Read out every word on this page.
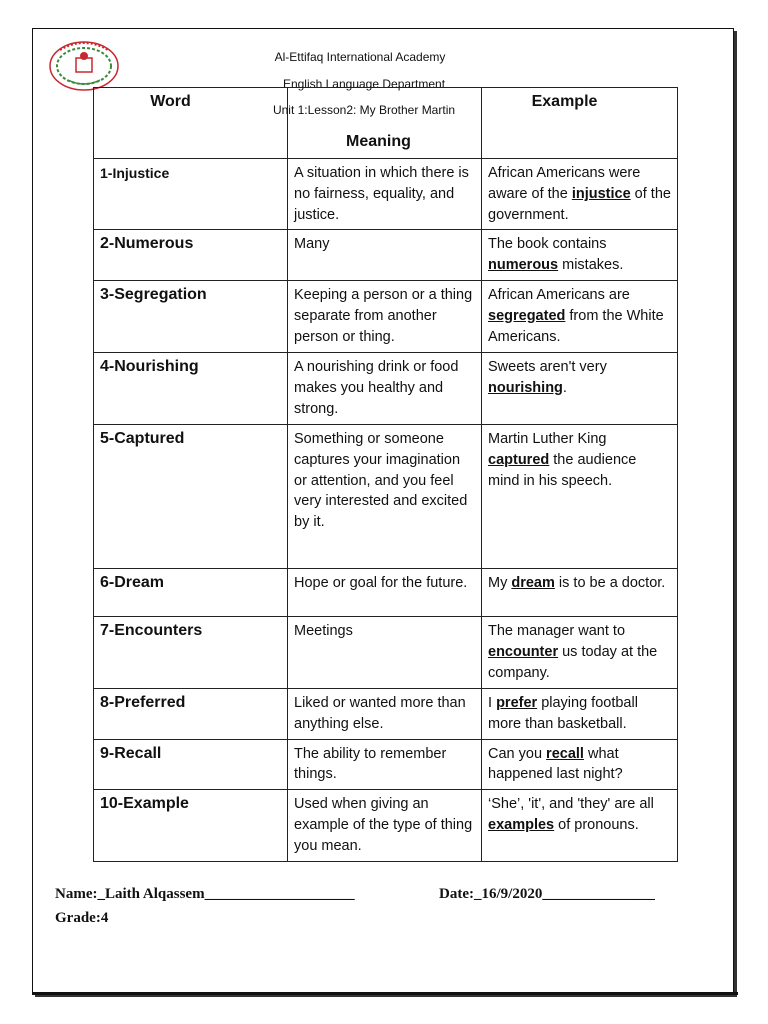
Al-Ettifaq International Academy
English Language Department
Word	Meaning	Example

1-Injustice	A situation in which there is no fairness, equality, and justice.	African Americans were aware of the injustice of the government.
2-Numerous	Many	The book contains numerous mistakes.
3-Segregation	Keeping a person or a thing separate from another person or thing.	African Americans are segregated from the White Americans.
4-Nourishing	A nourishing drink or food makes you healthy and strong.	Sweets aren't very nourishing.
5-Captured	Something or someone captures your imagination or attention, and you feel very interested and excited by it.	Martin Luther King captured the audience mind in his speech.
6-Dream	Hope or goal for the future.	My dream is to be a doctor.
7-Encounters	Meetings	The manager want to encounter us today at the company.
8-Preferred	Liked or wanted more than anything else.	I prefer playing football more than basketball.
9-Recall	The ability to remember things.	Can you recall what happened last night?
10-Example	Used when giving an example of the type of thing you mean.	‘She’, 'it', and 'they' are all examples of pronouns.
Unit 1:Lesson2: My Brother Martin
Name:_Laith Alqassem____________________	Date:_16/9/2020_______________
Grade:4
